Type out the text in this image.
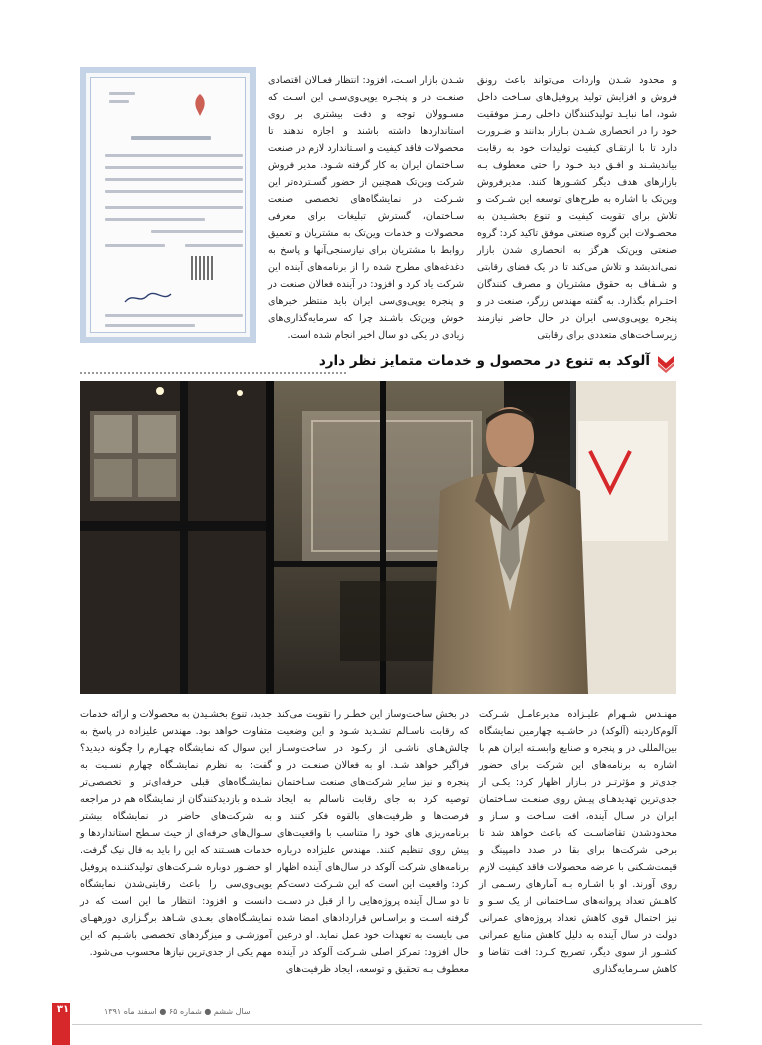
و محدود شـدن واردات می‌تواند باعث رونق فروش و افزایش تولید پروفیل‌های سـاخت داخل شود، اما نبایـد تولیدکنندگان داخلی رمـز موفقیت خود را در انحصاری شـدن بـازار بدانند و ضـرورت دارد تا با ارتقـای کیفیت تولیدات خود به رقابت بیاندیشـند و افـق دید خـود را حتی معطوف بـه بازارهای هدف دیگر کشـورها کنند. مدیرفروش وین‌تک با اشاره به طرح‌های توسعه این شـرکت و تلاش برای تقویت کیفیت و تنوع بخشـیدن به محصـولات این گروه صنعتی موفق تاکید کرد: گروه صنعتی وین‌تک هرگز به انحصاری شدن بازار نمی‌اندیشد و تلاش می‌کند تا در یک فضای رقابتی و شـفاف به حقوق مشتریان و مصرف کنندگان احتـرام بگذارد. به گفته مهندس زرگر، صنعت در و پنجره یوپی‌وی‌سی ایران در حال حاضر نیازمند زیرسـاخت‌های متعددی برای رقابتی

شـدن بازار اسـت، افزود: انتظار فعـالان اقتصادی صنعـت در و پنجـره یوپی‌وی‌سـی این اسـت که مسـوولان توجه و دقت بیشتری بر روی استانداردها داشته باشند و اجازه ندهند تا محصولات فاقد کیفیت و اسـتاندارد لازم در صنعت سـاختمان ایران به کار گرفته شـود. مدیر فروش شرکت وین‌تک همچنین از حضور گسـترده‌تر این شـرکت در نمایشگاه‌های تخصصی صنعت سـاختمان، گسترش تبلیغات برای معرفی محصولات و خدمات وین‌تک به مشتریان و تعمیق روابط با مشتریان برای نیازسنجی‌آنها و پاسخ به دغدغه‌های مطرح شده را از برنامه‌های آینده این شرکت یاد کرد و افزود: در آینده فعالان صنعت در و پنجره یوپی‌وی‌سی ایران باید منتظر خبرهای خوش وین‌تک باشـند چرا که سرمایه‌گذاری‌های زیادی در یکی دو سال اخیر انجام شده است.

آلوکد به تنوع در محصول و خدمات متمایز نظر دارد

مهنـدس شـهرام علیـزاده مدیرعامـل شـرکت آلوم‌کاردینه (آلوکد) در حاشـیه چهارمین نمایشگاه بین‌المللی در و پنجره و صنایع وابسـته ایران هم با اشاره به برنامه‌های این شرکت برای حضور جدی‌تر و مؤثرتـر در بـازار اظهار کرد: یکـی از جدی‌ترین تهدیدهـای پیـش روی صنعـت سـاختمان ایران در سـال آینده، افت سـاخت و سـاز و محدودشدن تقاضاسـت که باعث خواهد شد تا برخی شرکت‌ها برای بقا در صدد دامپینگ و قیمت‌شـکنی با عرضه محصولات فاقد کیفیت لازم روی آورند. او با اشـاره بـه آمارهای رسـمی از کاهـش تعداد پروانه‌های سـاختمانی از یک سـو و نیز احتمال قوی کاهش تعداد پروژه‌های عمرانی دولت در سال آینده به دلیل کاهش منابع عمرانی کشـور از سوی دیگر، تصریح کـرد: افت تقاضا و کاهش سـرمایه‌گذاری

در بخش ساخت‌وساز این خطـر را تقویت می‌کند که رقابت ناسـالم تشـدید شـود و این وضعیت چالش‌هـای ناشـی از رکـود در ساخت‌وسـاز فراگیر خواهد شـد. او به فعالان صنعـت در و پنجره و نیز سایر شرکت‌های صنعت سـاختمان توصیه کرد به جای رقابت ناسالم به ایجاد فرصت‌ها و ظرفیت‌های بالقوه فکر کنند و برنامه‌ریزی های خود را متناسب با واقعیت‌های پیش روی تنظیم کنند. مهندس علیزاده درباره برنامه‌های شرکت آلوکد در سال‌های آینده اظهار کرد: واقعیت این است که این شـرکت دست‌کم تا دو سـال آینده پروژه‌هایی را از قبل در دسـت گرفته اسـت و براسـاس قراردادهای امضا شده می بایست به تعهدات خود عمل نماید. او درعین حال افزود: تمرکز اصلی شـرکت آلوکد در آینده معطوف بـه تحقیق و توسعه، ایجاد ظرفیت‌های

جدید، تنوع بخشـیدن به محصولات و ارائه خدمات متفاوت خواهد بود. مهندس علیزاده در پاسخ به این سوال که نمایشگاه چهـارم را چگونه دیدید؟ گفت: به نظرم نمایشـگاه چهارم نسـبت به نمایشـگاه‌های قبلی حرفه‌ای‌تر و تخصصی‌تر شـده و بازدیدکنندگان از نمایشگاه هم در مراجعه به شرکت‌های حاضر در نمایشگاه بیشتر سـوال‌های حرفه‌ای از حیث سـطح استانداردها و خدمات هسـتند که این را باید به فال نیک گرفت. او حضـور دوباره شـرکت‌های تولیدکننـده پروفیل یوپی‌وی‌سی را باعث رقابتی‌شدن نمایشگاه دانست و افزود: انتظار ما این است که در نمایشـگاه‌های بعـدی شـاهد برگـزاری دورههـای آموزشـی و میزگردهای تخصصی باشـیم که این مهم یکی از جدی‌ترین نیازها محسوب می‌شود.

۳۱	سال ششم ● شماره ۶۵ ● اسفند ماه ۱۳۹۱
